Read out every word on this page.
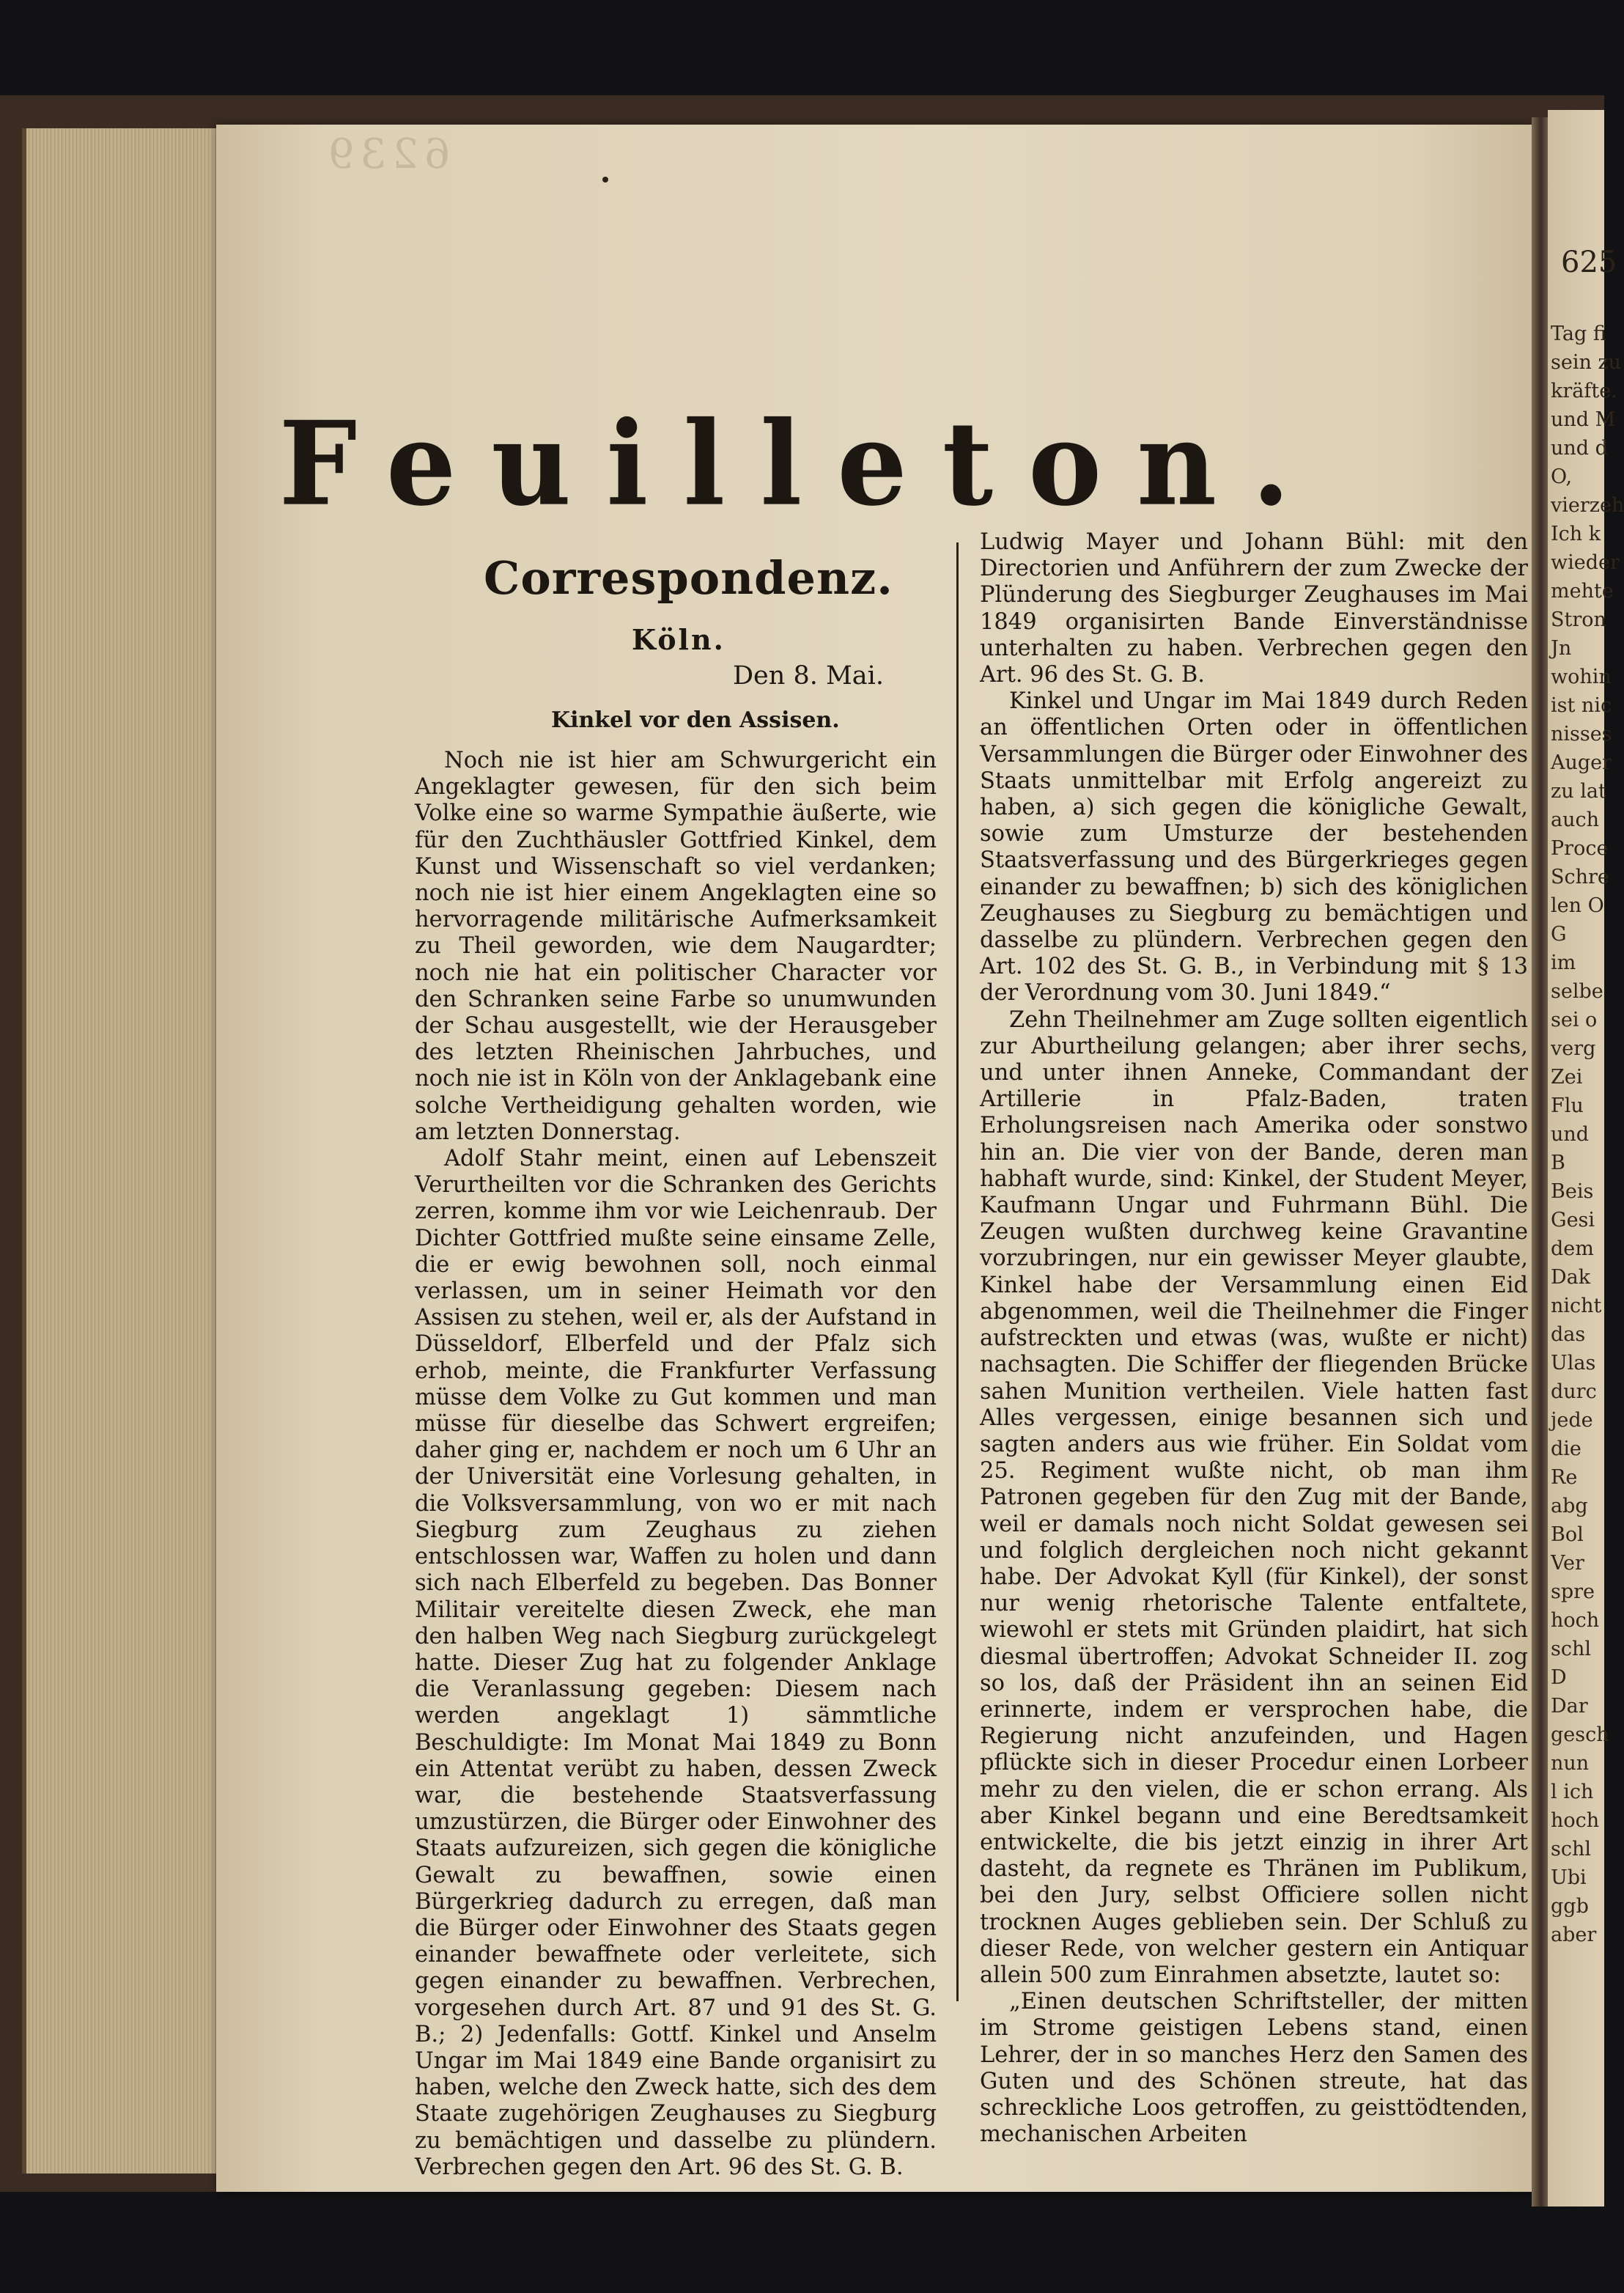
625
Tag fi
sein zu
kräfte.
und M
und d
O,
vierzeh
Ich k
wieder
mehte
Stron
Jn
wohin
ist nic
nisses
Auger
zu lat
auch
Proce
Schre
len O
G
im
selbe
sei o
verg
Zei
Flu
und
B
Beis
Gesi
dem
Dak
nicht
das
Ulas
durc
jede
die
Re
abg
Bol
Ver
spre
hoch
schl
D
Dar
gesch
nun
l ich
hoch
schl
Ubi
ggb
aber
6239
Feuilleton.
Correspondenz.
Köln.
Den 8. Mai.
Kinkel vor den Assisen.

Noch nie ist hier am Schwurgericht ein Angeklagter gewesen, für den sich beim Volke eine so warme Sympathie äußerte, wie für den Zuchthäusler Gottfried Kinkel, dem Kunst und Wissenschaft so viel verdanken; noch nie ist hier einem Angeklagten eine so hervorragende militärische Aufmerksamkeit zu Theil geworden, wie dem Naugardter; noch nie hat ein politischer Character vor den Schranken seine Farbe so unumwunden der Schau ausgestellt, wie der Herausgeber des letzten Rheinischen Jahrbuches, und noch nie ist in Köln von der Anklagebank eine solche Vertheidigung gehalten worden, wie am letzten Donnerstag.

Adolf Stahr meint, einen auf Lebenszeit Verurtheilten vor die Schranken des Gerichts zerren, komme ihm vor wie Leichenraub. Der Dichter Gottfried mußte seine einsame Zelle, die er ewig bewohnen soll, noch einmal verlassen, um in seiner Heimath vor den Assisen zu stehen, weil er, als der Aufstand in Düsseldorf, Elberfeld und der Pfalz sich erhob, meinte, die Frankfurter Verfassung müsse dem Volke zu Gut kommen und man müsse für dieselbe das Schwert ergreifen; daher ging er, nachdem er noch um 6 Uhr an der Universität eine Vorlesung gehalten, in die Volksversammlung, von wo er mit nach Siegburg zum Zeughaus zu ziehen entschlossen war, Waffen zu holen und dann sich nach Elberfeld zu begeben. Das Bonner Militair vereitelte diesen Zweck, ehe man den halben Weg nach Siegburg zurückgelegt hatte. Dieser Zug hat zu folgender Anklage die Veranlassung gegeben: Diesem nach werden angeklagt 1) sämmtliche Beschuldigte: Im Monat Mai 1849 zu Bonn ein Attentat verübt zu haben, dessen Zweck war, die bestehende Staatsverfassung umzustürzen, die Bürger oder Einwohner des Staats aufzureizen, sich gegen die königliche Gewalt zu bewaffnen, sowie einen Bürgerkrieg dadurch zu erregen, daß man die Bürger oder Einwohner des Staats gegen einander bewaffnete oder verleitete, sich gegen einander zu bewaffnen. Verbrechen, vorgesehen durch Art. 87 und 91 des St. G. B.; 2) Jedenfalls: Gottf. Kinkel und Anselm Ungar im Mai 1849 eine Bande organisirt zu haben, welche den Zweck hatte, sich des dem Staate zugehörigen Zeughauses zu Siegburg zu bemächtigen und dasselbe zu plündern. Verbrechen gegen den Art. 96 des St. G. B.

Ludwig Mayer und Johann Bühl: mit den Directorien und Anführern der zum Zwecke der Plünderung des Siegburger Zeughauses im Mai 1849 organisirten Bande Einverständnisse unterhalten zu haben. Verbrechen gegen den Art. 96 des St. G. B.

Kinkel und Ungar im Mai 1849 durch Reden an öffentlichen Orten oder in öffentlichen Versammlungen die Bürger oder Einwohner des Staats unmittelbar mit Erfolg angereizt zu haben, a) sich gegen die königliche Gewalt, sowie zum Umsturze der bestehenden Staatsverfassung und des Bürgerkrieges gegen einander zu bewaffnen; b) sich des königlichen Zeughauses zu Siegburg zu bemächtigen und dasselbe zu plündern. Verbrechen gegen den Art. 102 des St. G. B., in Verbindung mit § 13 der Verordnung vom 30. Juni 1849.“

Zehn Theilnehmer am Zuge sollten eigentlich zur Aburtheilung gelangen; aber ihrer sechs, und unter ihnen Anneke, Commandant der Artillerie in Pfalz-Baden, traten Erholungsreisen nach Amerika oder sonstwo hin an. Die vier von der Bande, deren man habhaft wurde, sind: Kinkel, der Student Meyer, Kaufmann Ungar und Fuhrmann Bühl. Die Zeugen wußten durchweg keine Gravantine vorzubringen, nur ein gewisser Meyer glaubte, Kinkel habe der Versammlung einen Eid abgenommen, weil die Theilnehmer die Finger aufstreckten und etwas (was, wußte er nicht) nachsagten. Die Schiffer der fliegenden Brücke sahen Munition vertheilen. Viele hatten fast Alles vergessen, einige besannen sich und sagten anders aus wie früher. Ein Soldat vom 25. Regiment wußte nicht, ob man ihm Patronen gegeben für den Zug mit der Bande, weil er damals noch nicht Soldat gewesen sei und folglich dergleichen noch nicht gekannt habe. Der Advokat Kyll (für Kinkel), der sonst nur wenig rhetorische Talente entfaltete, wiewohl er stets mit Gründen plaidirt, hat sich diesmal übertroffen; Advokat Schneider II. zog so los, daß der Präsident ihn an seinen Eid erinnerte, indem er versprochen habe, die Regierung nicht anzufeinden, und Hagen pflückte sich in dieser Procedur einen Lorbeer mehr zu den vielen, die er schon errang. Als aber Kinkel begann und eine Beredtsamkeit entwickelte, die bis jetzt einzig in ihrer Art dasteht, da regnete es Thränen im Publikum, bei den Jury, selbst Officiere sollen nicht trocknen Auges geblieben sein. Der Schluß zu dieser Rede, von welcher gestern ein Antiquar allein 500 zum Einrahmen absetzte, lautet so:

„Einen deutschen Schriftsteller, der mitten im Strome geistigen Lebens stand, einen Lehrer, der in so manches Herz den Samen des Guten und des Schönen streute, hat das schreckliche Loos getroffen, zu geisttödtenden, mechanischen Arbeiten
